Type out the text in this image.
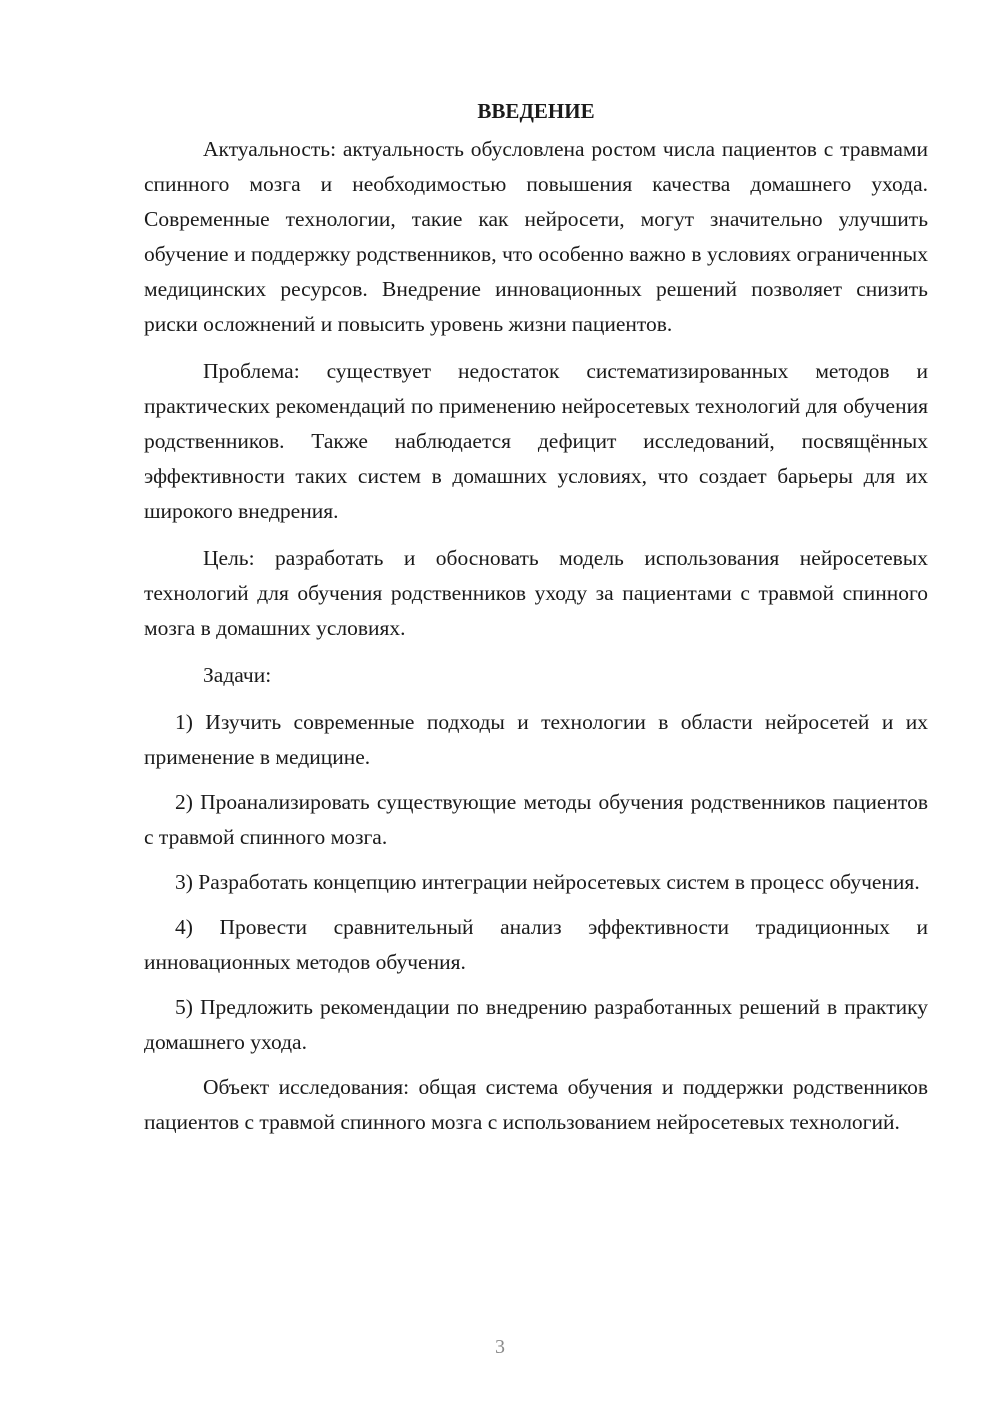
ВВЕДЕНИЕ

Актуальность: актуальность обусловлена ростом числа пациентов с травмами спинного мозга и необходимостью повышения качества домашнего ухода. Современные технологии, такие как нейросети, могут значительно улучшить обучение и поддержку родственников, что особенно важно в условиях ограниченных медицинских ресурсов. Внедрение инновационных решений позволяет снизить риски осложнений и повысить уровень жизни пациентов.

Проблема: существует недостаток систематизированных методов и практических рекомендаций по применению нейросетевых технологий для обучения родственников. Также наблюдается дефицит исследований, посвящённых эффективности таких систем в домашних условиях, что создает барьеры для их широкого внедрения.

Цель: разработать и обосновать модель использования нейросетевых технологий для обучения родственников уходу за пациентами с травмой спинного мозга в домашних условиях.

Задачи:

1) Изучить современные подходы и технологии в области нейросетей и их применение в медицине.

2) Проанализировать существующие методы обучения родственников пациентов с травмой спинного мозга.

3) Разработать концепцию интеграции нейросетевых систем в процесс обучения.

4) Провести сравнительный анализ эффективности традиционных и инновационных методов обучения.

5) Предложить рекомендации по внедрению разработанных решений в практику домашнего ухода.

Объект исследования: общая система обучения и поддержки родственников пациентов с травмой спинного мозга с использованием нейросетевых технологий.

3
